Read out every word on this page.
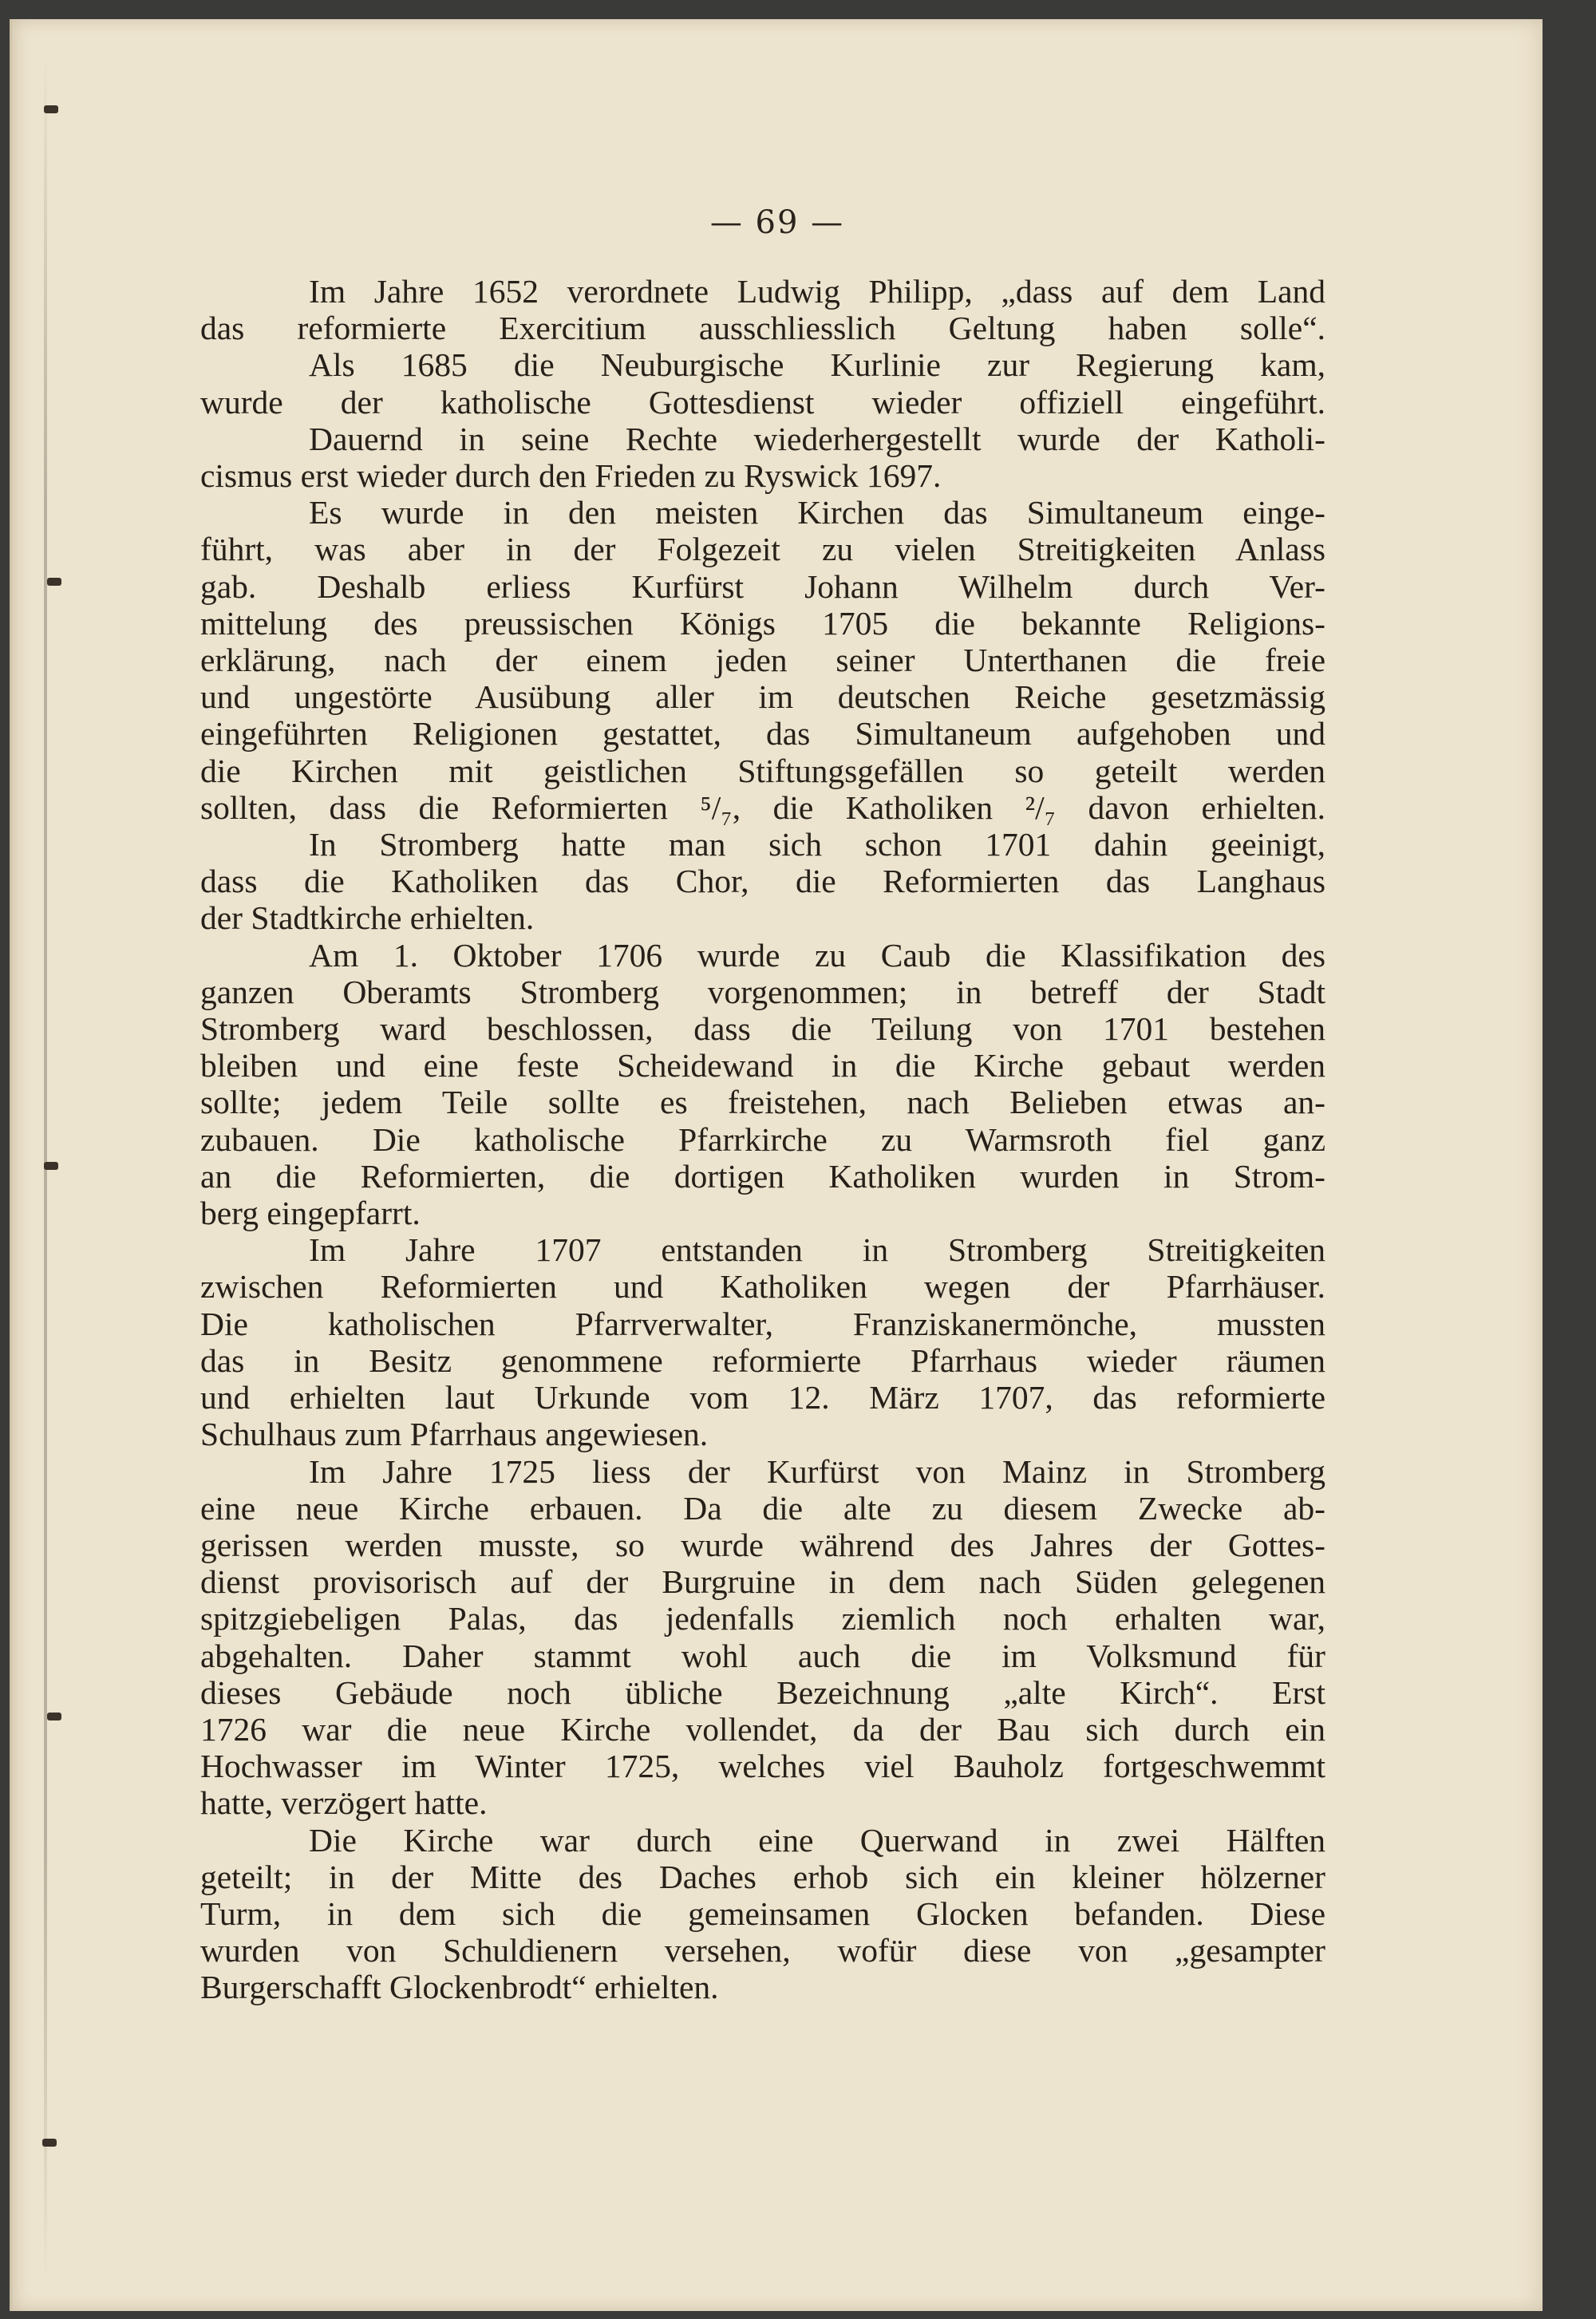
— 69 —
Im Jahre 1652 verordnete Ludwig Philipp, „dass auf dem Land
das reformierte Exercitium ausschliesslich Geltung haben solle“.
Als 1685 die Neuburgische Kurlinie zur Regierung kam,
wurde der katholische Gottesdienst wieder offiziell eingeführt.
Dauernd in seine Rechte wiederhergestellt wurde der Katholi-
cismus erst wieder durch den Frieden zu Ryswick 1697.
Es wurde in den meisten Kirchen das Simultaneum einge-
führt, was aber in der Folgezeit zu vielen Streitigkeiten Anlass
gab. Deshalb erliess Kurfürst Johann Wilhelm durch Ver-
mittelung des preussischen Königs 1705 die bekannte Religions-
erklärung, nach der einem jeden seiner Unterthanen die freie
und ungestörte Ausübung aller im deutschen Reiche gesetzmässig
eingeführten Religionen gestattet, das Simultaneum aufgehoben und
die Kirchen mit geistlichen Stiftungsgefällen so geteilt werden
sollten, dass die Reformierten ⁵/₇, die Katholiken ²/₇ davon erhielten.
In Stromberg hatte man sich schon 1701 dahin geeinigt,
dass die Katholiken das Chor, die Reformierten das Langhaus
der Stadtkirche erhielten.
Am 1. Oktober 1706 wurde zu Caub die Klassifikation des
ganzen Oberamts Stromberg vorgenommen; in betreff der Stadt
Stromberg ward beschlossen, dass die Teilung von 1701 bestehen
bleiben und eine feste Scheidewand in die Kirche gebaut werden
sollte; jedem Teile sollte es freistehen, nach Belieben etwas an-
zubauen. Die katholische Pfarrkirche zu Warmsroth fiel ganz
an die Reformierten, die dortigen Katholiken wurden in Strom-
berg eingepfarrt.
Im Jahre 1707 entstanden in Stromberg Streitigkeiten
zwischen Reformierten und Katholiken wegen der Pfarrhäuser.
Die katholischen Pfarrverwalter, Franziskanermönche, mussten
das in Besitz genommene reformierte Pfarrhaus wieder räumen
und erhielten laut Urkunde vom 12. März 1707, das reformierte
Schulhaus zum Pfarrhaus angewiesen.
Im Jahre 1725 liess der Kurfürst von Mainz in Stromberg
eine neue Kirche erbauen. Da die alte zu diesem Zwecke ab-
gerissen werden musste, so wurde während des Jahres der Gottes-
dienst provisorisch auf der Burgruine in dem nach Süden gelegenen
spitzgiebeligen Palas, das jedenfalls ziemlich noch erhalten war,
abgehalten. Daher stammt wohl auch die im Volksmund für
dieses Gebäude noch übliche Bezeichnung „alte Kirch“. Erst
1726 war die neue Kirche vollendet, da der Bau sich durch ein
Hochwasser im Winter 1725, welches viel Bauholz fortgeschwemmt
hatte, verzögert hatte.
Die Kirche war durch eine Querwand in zwei Hälften
geteilt; in der Mitte des Daches erhob sich ein kleiner hölzerner
Turm, in dem sich die gemeinsamen Glocken befanden. Diese
wurden von Schuldienern versehen, wofür diese von „gesampter
Burgerschafft Glockenbrodt“ erhielten.
